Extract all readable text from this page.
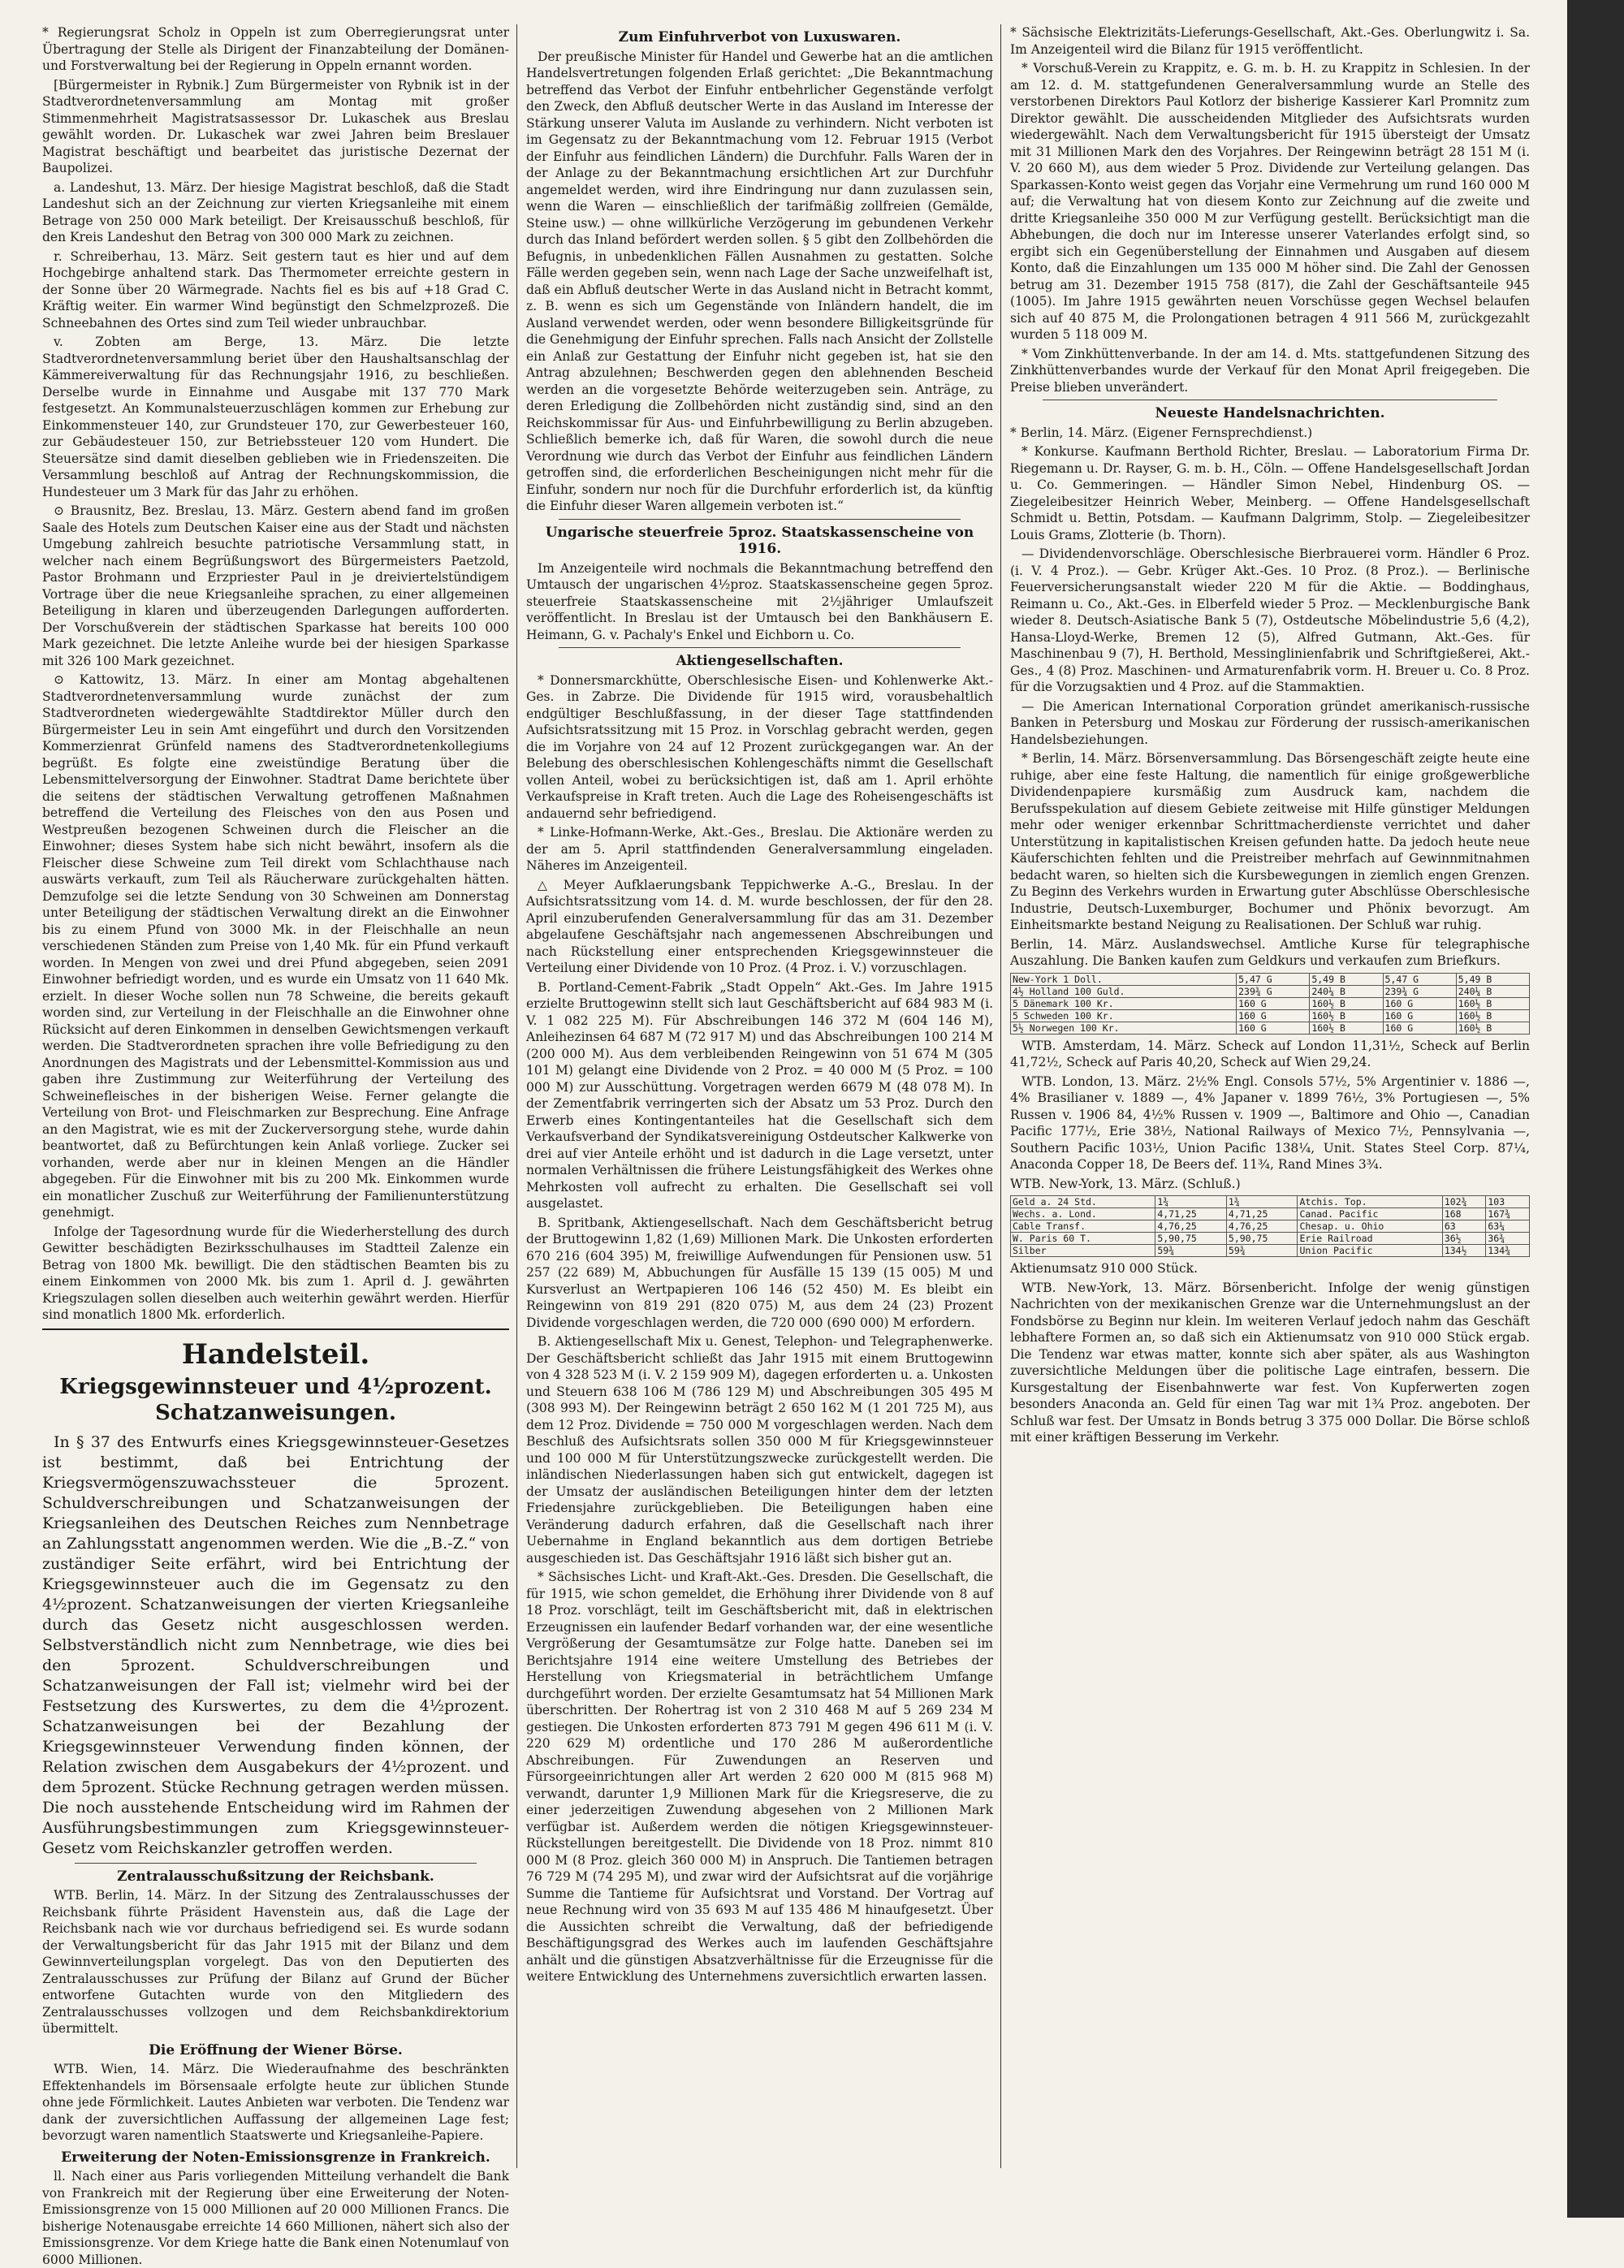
* Regierungsrat Scholz in Oppeln ist zum Oberregierungsrat unter Übertragung der Stelle als Dirigent der Finanzabteilung der Domänen- und Forstverwaltung bei der Regierung in Oppeln ernannt worden.

[Bürgermeister in Rybnik.] Zum Bürgermeister von Rybnik ist in der Stadtverordnetenversammlung am Montag mit großer Stimmenmehrheit Magistratsassessor Dr. Lukaschek aus Breslau gewählt worden. Dr. Lukaschek war zwei Jahren beim Breslauer Magistrat beschäftigt und bearbeitet das juristische Dezernat der Baupolizei.

a. Landeshut, 13. März. Der hiesige Magistrat beschloß, daß die Stadt Landeshut sich an der Zeichnung zur vierten Kriegsanleihe mit einem Betrage von 250 000 Mark beteiligt. Der Kreisausschuß beschloß, für den Kreis Landeshut den Betrag von 300 000 Mark zu zeichnen.

r. Schreiberhau, 13. März. Seit gestern taut es hier und auf dem Hochgebirge anhaltend stark. Das Thermometer erreichte gestern in der Sonne über 20 Wärmegrade. Nachts fiel es bis auf +18 Grad C. Kräftig weiter. Ein warmer Wind begünstigt den Schmelzprozeß. Die Schneebahnen des Ortes sind zum Teil wieder unbrauchbar.

v. Zobten am Berge, 13. März. Die letzte Stadtverordnetenversammlung beriet über den Haushaltsanschlag der Kämmereiverwaltung für das Rechnungsjahr 1916, zu beschließen. Derselbe wurde in Einnahme und Ausgabe mit 137 770 Mark festgesetzt. An Kommunalsteuerzuschlägen kommen zur Erhebung zur Einkommensteuer 140, zur Grundsteuer 170, zur Gewerbesteuer 160, zur Gebäudesteuer 150, zur Betriebssteuer 120 vom Hundert. Die Steuersätze sind damit dieselben geblieben wie in Friedenszeiten. Die Versammlung beschloß auf Antrag der Rechnungskommission, die Hundesteuer um 3 Mark für das Jahr zu erhöhen.

⊙ Brausnitz, Bez. Breslau, 13. März. Gestern abend fand im großen Saale des Hotels zum Deutschen Kaiser eine aus der Stadt und nächsten Umgebung zahlreich besuchte patriotische Versammlung statt, in welcher nach einem Begrüßungswort des Bürgermeisters Paetzold, Pastor Brohmann und Erzpriester Paul in je dreiviertelstündigem Vortrage über die neue Kriegsanleihe sprachen, zu einer allgemeinen Beteiligung in klaren und überzeugenden Darlegungen aufforderten. Der Vorschußverein der städtischen Sparkasse hat bereits 100 000 Mark gezeichnet. Die letzte Anleihe wurde bei der hiesigen Sparkasse mit 326 100 Mark gezeichnet.

⊙ Kattowitz, 13. März. In einer am Montag abgehaltenen Stadtverordnetenversammlung wurde zunächst der zum Stadtverordneten wiedergewählte Stadtdirektor Müller durch den Bürgermeister Leu in sein Amt eingeführt und durch den Vorsitzenden Kommerzienrat Grünfeld namens des Stadtverordnetenkollegiums begrüßt. Es folgte eine zweistündige Beratung über die Lebensmittelversorgung der Einwohner. Stadtrat Dame berichtete über die seitens der städtischen Verwaltung getroffenen Maßnahmen betreffend die Verteilung des Fleisches von den aus Posen und Westpreußen bezogenen Schweinen durch die Fleischer an die Einwohner; dieses System habe sich nicht bewährt, insofern als die Fleischer diese Schweine zum Teil direkt vom Schlachthause nach auswärts verkauft, zum Teil als Räucherware zurückgehalten hätten. Demzufolge sei die letzte Sendung von 30 Schweinen am Donnerstag unter Beteiligung der städtischen Verwaltung direkt an die Einwohner bis zu einem Pfund von 3000 Mk. in der Fleischhalle an neun verschiedenen Ständen zum Preise von 1,40 Mk. für ein Pfund verkauft worden. In Mengen von zwei und drei Pfund abgegeben, seien 2091 Einwohner befriedigt worden, und es wurde ein Umsatz von 11 640 Mk. erzielt. In dieser Woche sollen nun 78 Schweine, die bereits gekauft worden sind, zur Verteilung in der Fleischhalle an die Einwohner ohne Rücksicht auf deren Einkommen in denselben Gewichtsmengen verkauft werden. Die Stadtverordneten sprachen ihre volle Befriedigung zu den Anordnungen des Magistrats und der Lebensmittel-Kommission aus und gaben ihre Zustimmung zur Weiterführung der Verteilung des Schweinefleisches in der bisherigen Weise. Ferner gelangte die Verteilung von Brot- und Fleischmarken zur Besprechung. Eine Anfrage an den Magistrat, wie es mit der Zuckerversorgung stehe, wurde dahin beantwortet, daß zu Befürchtungen kein Anlaß vorliege. Zucker sei vorhanden, werde aber nur in kleinen Mengen an die Händler abgegeben. Für die Einwohner mit bis zu 200 Mk. Einkommen wurde ein monatlicher Zuschuß zur Weiterführung der Familienunterstützung genehmigt.

Infolge der Tagesordnung wurde für die Wiederherstellung des durch Gewitter beschädigten Bezirksschulhauses im Stadtteil Zalenze ein Betrag von 1800 Mk. bewilligt. Die den städtischen Beamten bis zu einem Einkommen von 2000 Mk. bis zum 1. April d. J. gewährten Kriegszulagen sollen dieselben auch weiterhin gewährt werden. Hierfür sind monatlich 1800 Mk. erforderlich.

Handelsteil.
Kriegsgewinnsteuer und 4½prozent. Schatzanweisungen.

In § 37 des Entwurfs eines Kriegsgewinnsteuer-Gesetzes ist bestimmt, daß bei Entrichtung der Kriegsvermögenszuwachssteuer die 5prozent. Schuldverschreibungen und Schatzanweisungen der Kriegsanleihen des Deutschen Reiches zum Nennbetrage an Zahlungsstatt angenommen werden. Wie die „B.-Z.“ von zuständiger Seite erfährt, wird bei Entrichtung der Kriegsgewinnsteuer auch die im Gegensatz zu den 4½prozent. Schatzanweisungen der vierten Kriegsanleihe durch das Gesetz nicht ausgeschlossen werden. Selbstverständlich nicht zum Nennbetrage, wie dies bei den 5prozent. Schuldverschreibungen und Schatzanweisungen der Fall ist; vielmehr wird bei der Festsetzung des Kurswertes, zu dem die 4½prozent. Schatzanweisungen bei der Bezahlung der Kriegsgewinnsteuer Verwendung finden können, der Relation zwischen dem Ausgabekurs der 4½prozent. und dem 5prozent. Stücke Rechnung getragen werden müssen. Die noch ausstehende Entscheidung wird im Rahmen der Ausführungsbestimmungen zum Kriegsgewinnsteuer-Gesetz vom Reichskanzler getroffen werden.

Zentralausschußsitzung der Reichsbank.

WTB. Berlin, 14. März. In der Sitzung des Zentralausschusses der Reichsbank führte Präsident Havenstein aus, daß die Lage der Reichsbank nach wie vor durchaus befriedigend sei. Es wurde sodann der Verwaltungsbericht für das Jahr 1915 mit der Bilanz und dem Gewinnverteilungsplan vorgelegt. Das von den Deputierten des Zentralausschusses zur Prüfung der Bilanz auf Grund der Bücher entworfene Gutachten wurde von den Mitgliedern des Zentralausschusses vollzogen und dem Reichsbankdirektorium übermittelt.

Die Eröffnung der Wiener Börse.

WTB. Wien, 14. März. Die Wiederaufnahme des beschränkten Effektenhandels im Börsensaale erfolgte heute zur üblichen Stunde ohne jede Förmlichkeit. Lautes Anbieten war verboten. Die Tendenz war dank der zuversichtlichen Auffassung der allgemeinen Lage fest; bevorzugt waren namentlich Staatswerte und Kriegsanleihe-Papiere.

Erweiterung der Noten-Emissionsgrenze in Frankreich.

ll. Nach einer aus Paris vorliegenden Mitteilung verhandelt die Bank von Frankreich mit der Regierung über eine Erweiterung der Noten-Emissionsgrenze von 15 000 Millionen auf 20 000 Millionen Francs. Die bisherige Notenausgabe erreichte 14 660 Millionen, nähert sich also der Emissionsgrenze. Vor dem Kriege hatte die Bank einen Notenumlauf von 6000 Millionen.

Zum Einfuhrverbot von Luxuswaren.

Der preußische Minister für Handel und Gewerbe hat an die amtlichen Handelsvertretungen folgenden Erlaß gerichtet: „Die Bekanntmachung betreffend das Verbot der Einfuhr entbehrlicher Gegenstände verfolgt den Zweck, den Abfluß deutscher Werte in das Ausland im Interesse der Stärkung unserer Valuta im Auslande zu verhindern. Nicht verboten ist im Gegensatz zu der Bekanntmachung vom 12. Februar 1915 (Verbot der Einfuhr aus feindlichen Ländern) die Durchfuhr. Falls Waren der in der Anlage zu der Bekanntmachung ersichtlichen Art zur Durchfuhr angemeldet werden, wird ihre Eindringung nur dann zuzulassen sein, wenn die Waren — einschließlich der tarifmäßig zollfreien (Gemälde, Steine usw.) — ohne willkürliche Verzögerung im gebundenen Verkehr durch das Inland befördert werden sollen. § 5 gibt den Zollbehörden die Befugnis, in unbedenklichen Fällen Ausnahmen zu gestatten. Solche Fälle werden gegeben sein, wenn nach Lage der Sache unzweifelhaft ist, daß ein Abfluß deutscher Werte in das Ausland nicht in Betracht kommt, z. B. wenn es sich um Gegenstände von Inländern handelt, die im Ausland verwendet werden, oder wenn besondere Billigkeitsgründe für die Genehmigung der Einfuhr sprechen. Falls nach Ansicht der Zollstelle ein Anlaß zur Gestattung der Einfuhr nicht gegeben ist, hat sie den Antrag abzulehnen; Beschwerden gegen den ablehnenden Bescheid werden an die vorgesetzte Behörde weiterzugeben sein. Anträge, zu deren Erledigung die Zollbehörden nicht zuständig sind, sind an den Reichskommissar für Aus- und Einfuhrbewilligung zu Berlin abzugeben. Schließlich bemerke ich, daß für Waren, die sowohl durch die neue Verordnung wie durch das Verbot der Einfuhr aus feindlichen Ländern getroffen sind, die erforderlichen Bescheinigungen nicht mehr für die Einfuhr, sondern nur noch für die Durchfuhr erforderlich ist, da künftig die Einfuhr dieser Waren allgemein verboten ist.“

Ungarische steuerfreie 5proz. Staatskassenscheine von 1916.

Im Anzeigenteile wird nochmals die Bekanntmachung betreffend den Umtausch der ungarischen 4½proz. Staatskassenscheine gegen 5proz. steuerfreie Staatskassenscheine mit 2½jähriger Umlaufszeit veröffentlicht. In Breslau ist der Umtausch bei den Bankhäusern E. Heimann, G. v. Pachaly's Enkel und Eichborn u. Co.

Aktiengesellschaften.

* Donnersmarckhütte, Oberschlesische Eisen- und Kohlenwerke Akt.-Ges. in Zabrze. Die Dividende für 1915 wird, vorausbehaltlich endgültiger Beschlußfassung, in der dieser Tage stattfindenden Aufsichtsratssitzung mit 15 Proz. in Vorschlag gebracht werden, gegen die im Vorjahre von 24 auf 12 Prozent zurückgegangen war. An der Belebung des oberschlesischen Kohlengeschäfts nimmt die Gesellschaft vollen Anteil, wobei zu berücksichtigen ist, daß am 1. April erhöhte Verkaufspreise in Kraft treten. Auch die Lage des Roheisengeschäfts ist andauernd sehr befriedigend.

* Linke-Hofmann-Werke, Akt.-Ges., Breslau. Die Aktionäre werden zu der am 5. April stattfindenden Generalversammlung eingeladen. Näheres im Anzeigenteil.

△ Meyer Aufklaerungsbank Teppichwerke A.-G., Breslau. In der Aufsichtsratssitzung vom 14. d. M. wurde beschlossen, der für den 28. April einzuberufenden Generalversammlung für das am 31. Dezember abgelaufene Geschäftsjahr nach angemessenen Abschreibungen und nach Rückstellung einer entsprechenden Kriegsgewinnsteuer die Verteilung einer Dividende von 10 Proz. (4 Proz. i. V.) vorzuschlagen.

B. Portland-Cement-Fabrik „Stadt Oppeln“ Akt.-Ges. Im Jahre 1915 erzielte Bruttogewinn stellt sich laut Geschäftsbericht auf 684 983 M (i. V. 1 082 225 M). Für Abschreibungen 146 372 M (604 146 M), Anleihezinsen 64 687 M (72 917 M) und das Abschreibungen 100 214 M (200 000 M). Aus dem verbleibenden Reingewinn von 51 674 M (305 101 M) gelangt eine Dividende von 2 Proz. = 40 000 M (5 Proz. = 100 000 M) zur Ausschüttung. Vorgetragen werden 6679 M (48 078 M). In der Zementfabrik verringerten sich der Absatz um 53 Proz. Durch den Erwerb eines Kontingentanteiles hat die Gesellschaft sich dem Verkaufsverband der Syndikatsvereinigung Ostdeutscher Kalkwerke von drei auf vier Anteile erhöht und ist dadurch in die Lage versetzt, unter normalen Verhältnissen die frühere Leistungsfähigkeit des Werkes ohne Mehrkosten voll aufrecht zu erhalten. Die Gesellschaft sei voll ausgelastet.

B. Spritbank, Aktiengesellschaft. Nach dem Geschäftsbericht betrug der Bruttogewinn 1,82 (1,69) Millionen Mark. Die Unkosten erforderten 670 216 (604 395) M, freiwillige Aufwendungen für Pensionen usw. 51 257 (22 689) M, Abbuchungen für Ausfälle 15 139 (15 005) M und Kursverlust an Wertpapieren 106 146 (52 450) M. Es bleibt ein Reingewinn von 819 291 (820 075) M, aus dem 24 (23) Prozent Dividende vorgeschlagen werden, die 720 000 (690 000) M erfordern.

B. Aktiengesellschaft Mix u. Genest, Telephon- und Telegraphenwerke. Der Geschäftsbericht schließt das Jahr 1915 mit einem Bruttogewinn von 4 328 523 M (i. V. 2 159 909 M), dagegen erforderten u. a. Unkosten und Steuern 638 106 M (786 129 M) und Abschreibungen 305 495 M (308 993 M). Der Reingewinn beträgt 2 650 162 M (1 201 725 M), aus dem 12 Proz. Dividende = 750 000 M vorgeschlagen werden. Nach dem Beschluß des Aufsichtsrats sollen 350 000 M für Kriegsgewinnsteuer und 100 000 M für Unterstützungszwecke zurückgestellt werden. Die inländischen Niederlassungen haben sich gut entwickelt, dagegen ist der Umsatz der ausländischen Beteiligungen hinter dem der letzten Friedensjahre zurückgeblieben. Die Beteiligungen haben eine Veränderung dadurch erfahren, daß die Gesellschaft nach ihrer Uebernahme in England bekanntlich aus dem dortigen Betriebe ausgeschieden ist. Das Geschäftsjahr 1916 läßt sich bisher gut an.

* Sächsisches Licht- und Kraft-Akt.-Ges. Dresden. Die Gesellschaft, die für 1915, wie schon gemeldet, die Erhöhung ihrer Dividende von 8 auf 18 Proz. vorschlägt, teilt im Geschäftsbericht mit, daß in elektrischen Erzeugnissen ein laufender Bedarf vorhanden war, der eine wesentliche Vergrößerung der Gesamtumsätze zur Folge hatte. Daneben sei im Berichtsjahre 1914 eine weitere Umstellung des Betriebes der Herstellung von Kriegsmaterial in beträchtlichem Umfange durchgeführt worden. Der erzielte Gesamtumsatz hat 54 Millionen Mark überschritten. Der Rohertrag ist von 2 310 468 M auf 5 269 234 M gestiegen. Die Unkosten erforderten 873 791 M gegen 496 611 M (i. V. 220 629 M) ordentliche und 170 286 M außerordentliche Abschreibungen. Für Zuwendungen an Reserven und Fürsorgeeinrichtungen aller Art werden 2 620 000 M (815 968 M) verwandt, darunter 1,9 Millionen Mark für die Kriegsreserve, die zu einer jederzeitigen Zuwendung abgesehen von 2 Millionen Mark verfügbar ist. Außerdem werden die nötigen Kriegsgewinnsteuer-Rückstellungen bereitgestellt. Die Dividende von 18 Proz. nimmt 810 000 M (8 Proz. gleich 360 000 M) in Anspruch. Die Tantiemen betragen 76 729 M (74 295 M), und zwar wird der Aufsichtsrat auf die vorjährige Summe die Tantieme für Aufsichtsrat und Vorstand. Der Vortrag auf neue Rechnung wird von 35 693 M auf 135 486 M hinaufgesetzt. Über die Aussichten schreibt die Verwaltung, daß der befriedigende Beschäftigungsgrad des Werkes auch im laufenden Geschäftsjahre anhält und die günstigen Absatzverhältnisse für die Erzeugnisse für die weitere Entwicklung des Unternehmens zuversichtlich erwarten lassen.

* Sächsische Elektrizitäts-Lieferungs-Gesellschaft, Akt.-Ges. Oberlungwitz i. Sa. Im Anzeigenteil wird die Bilanz für 1915 veröffentlicht.

* Vorschuß-Verein zu Krappitz, e. G. m. b. H. zu Krappitz in Schlesien. In der am 12. d. M. stattgefundenen Generalversammlung wurde an Stelle des verstorbenen Direktors Paul Kotlorz der bisherige Kassierer Karl Promnitz zum Direktor gewählt. Die ausscheidenden Mitglieder des Aufsichtsrats wurden wiedergewählt. Nach dem Verwaltungsbericht für 1915 übersteigt der Umsatz mit 31 Millionen Mark den des Vorjahres. Der Reingewinn beträgt 28 151 M (i. V. 20 660 M), aus dem wieder 5 Proz. Dividende zur Verteilung gelangen. Das Sparkassen-Konto weist gegen das Vorjahr eine Vermehrung um rund 160 000 M auf; die Verwaltung hat von diesem Konto zur Zeichnung auf die zweite und dritte Kriegsanleihe 350 000 M zur Verfügung gestellt. Berücksichtigt man die Abhebungen, die doch nur im Interesse unserer Vaterlandes erfolgt sind, so ergibt sich ein Gegenüberstellung der Einnahmen und Ausgaben auf diesem Konto, daß die Einzahlungen um 135 000 M höher sind. Die Zahl der Genossen betrug am 31. Dezember 1915 758 (817), die Zahl der Geschäftsanteile 945 (1005). Im Jahre 1915 gewährten neuen Vorschüsse gegen Wechsel belaufen sich auf 40 875 M, die Prolongationen betragen 4 911 566 M, zurückgezahlt wurden 5 118 009 M.

* Vom Zinkhüttenverbande. In der am 14. d. Mts. stattgefundenen Sitzung des Zinkhüttenverbandes wurde der Verkauf für den Monat April freigegeben. Die Preise blieben unverändert.

Neueste Handelsnachrichten.

* Berlin, 14. März. (Eigener Fernsprechdienst.)

* Konkurse. Kaufmann Berthold Richter, Breslau. — Laboratorium Firma Dr. Riegemann u. Dr. Rayser, G. m. b. H., Cöln. — Offene Handelsgesellschaft Jordan u. Co. Gemmeringen. — Händler Simon Nebel, Hindenburg OS. — Ziegeleibesitzer Heinrich Weber, Meinberg. — Offene Handelsgesellschaft Schmidt u. Bettin, Potsdam. — Kaufmann Dalgrimm, Stolp. — Ziegeleibesitzer Louis Grams, Zlotterie (b. Thorn).

— Dividendenvorschläge. Oberschlesische Bierbrauerei vorm. Händler 6 Proz. (i. V. 4 Proz.). — Gebr. Krüger Akt.-Ges. 10 Proz. (8 Proz.). — Berlinische Feuerversicherungsanstalt wieder 220 M für die Aktie. — Boddinghaus, Reimann u. Co., Akt.-Ges. in Elberfeld wieder 5 Proz. — Mecklenburgische Bank wieder 8. Deutsch-Asiatische Bank 5 (7), Ostdeutsche Möbelindustrie 5,6 (4,2), Hansa-Lloyd-Werke, Bremen 12 (5), Alfred Gutmann, Akt.-Ges. für Maschinenbau 9 (7), H. Berthold, Messinglinienfabrik und Schriftgießerei, Akt.-Ges., 4 (8) Proz. Maschinen- und Armaturenfabrik vorm. H. Breuer u. Co. 8 Proz. für die Vorzugsaktien und 4 Proz. auf die Stammaktien.

— Die American International Corporation gründet amerikanisch-russische Banken in Petersburg und Moskau zur Förderung der russisch-amerikanischen Handelsbeziehungen.

* Berlin, 14. März. Börsenversammlung. Das Börsengeschäft zeigte heute eine ruhige, aber eine feste Haltung, die namentlich für einige großgewerbliche Dividendenpapiere kursmäßig zum Ausdruck kam, nachdem die Berufsspekulation auf diesem Gebiete zeitweise mit Hilfe günstiger Meldungen mehr oder weniger erkennbar Schrittmacherdienste verrichtet und daher Unterstützung in kapitalistischen Kreisen gefunden hatte. Da jedoch heute neue Käuferschichten fehlten und die Preistreiber mehrfach auf Gewinnmitnahmen bedacht waren, so hielten sich die Kursbewegungen in ziemlich engen Grenzen. Zu Beginn des Verkehrs wurden in Erwartung guter Abschlüsse Oberschlesische Industrie, Deutsch-Luxemburger, Bochumer und Phönix bevorzugt. Am Einheitsmarkte bestand Neigung zu Realisationen. Der Schluß war ruhig.

Berlin, 14. März. Auslandswechsel. Amtliche Kurse für telegraphische Auszahlung. Die Banken kaufen zum Geldkurs und verkaufen zum Briefkurs.

New-York 1 Doll.	5,47 G	5,49 B	5,47 G	5,49 B
4½ Holland 100 Guld.	239¾ G	240¼ B	239¾ G	240¼ B
5 Dänemark 100 Kr.	160 G	160½ B	160 G	160½ B
5 Schweden 100 Kr.	160 G	160½ B	160 G	160½ B
5½ Norwegen 100 Kr.	160 G	160½ B	160 G	160½ B

WTB. Amsterdam, 14. März. Scheck auf London 11,31½, Scheck auf Berlin 41,72½, Scheck auf Paris 40,20, Scheck auf Wien 29,24.

WTB. London, 13. März. 2½% Engl. Consols 57½, 5% Argentinier v. 1886 —, 4% Brasilianer v. 1889 —, 4% Japaner v. 1899 76½, 3% Portugiesen —, 5% Russen v. 1906 84, 4½% Russen v. 1909 —, Baltimore and Ohio —, Canadian Pacific 177½, Erie 38½, National Railways of Mexico 7½, Pennsylvania —, Southern Pacific 103½, Union Pacific 138¼, Unit. States Steel Corp. 87¼, Anaconda Copper 18, De Beers def. 11¾, Rand Mines 3¾.

WTB. New-York, 13. März. (Schluß.)

Geld a. 24 Std.	1¾	1¾	Atchis. Top.	102¾	103
Wechs. a. Lond.	4,71,25	4,71,25	Canad. Pacific	168	167¾
Cable Transf.	4,76,25	4,76,25	Chesap. u. Ohio	63	63¼
W. Paris 60 T.	5,90,75	5,90,75	Erie Railroad	36½	36¾
Silber	59¾	59¾	Union Pacific	134½	134¾

Aktienumsatz 910 000 Stück.

WTB. New-York, 13. März. Börsenbericht. Infolge der wenig günstigen Nachrichten von der mexikanischen Grenze war die Unternehmungslust an der Fondsbörse zu Beginn nur klein. Im weiteren Verlauf jedoch nahm das Geschäft lebhaftere Formen an, so daß sich ein Aktienumsatz von 910 000 Stück ergab. Die Tendenz war etwas matter, konnte sich aber später, als aus Washington zuversichtliche Meldungen über die politische Lage eintrafen, bessern. Die Kursgestaltung der Eisenbahnwerte war fest. Von Kupferwerten zogen besonders Anaconda an. Geld für einen Tag war mit 1¾ Proz. angeboten. Der Schluß war fest. Der Umsatz in Bonds betrug 3 375 000 Dollar. Die Börse schloß mit einer kräftigen Besserung im Verkehr.
